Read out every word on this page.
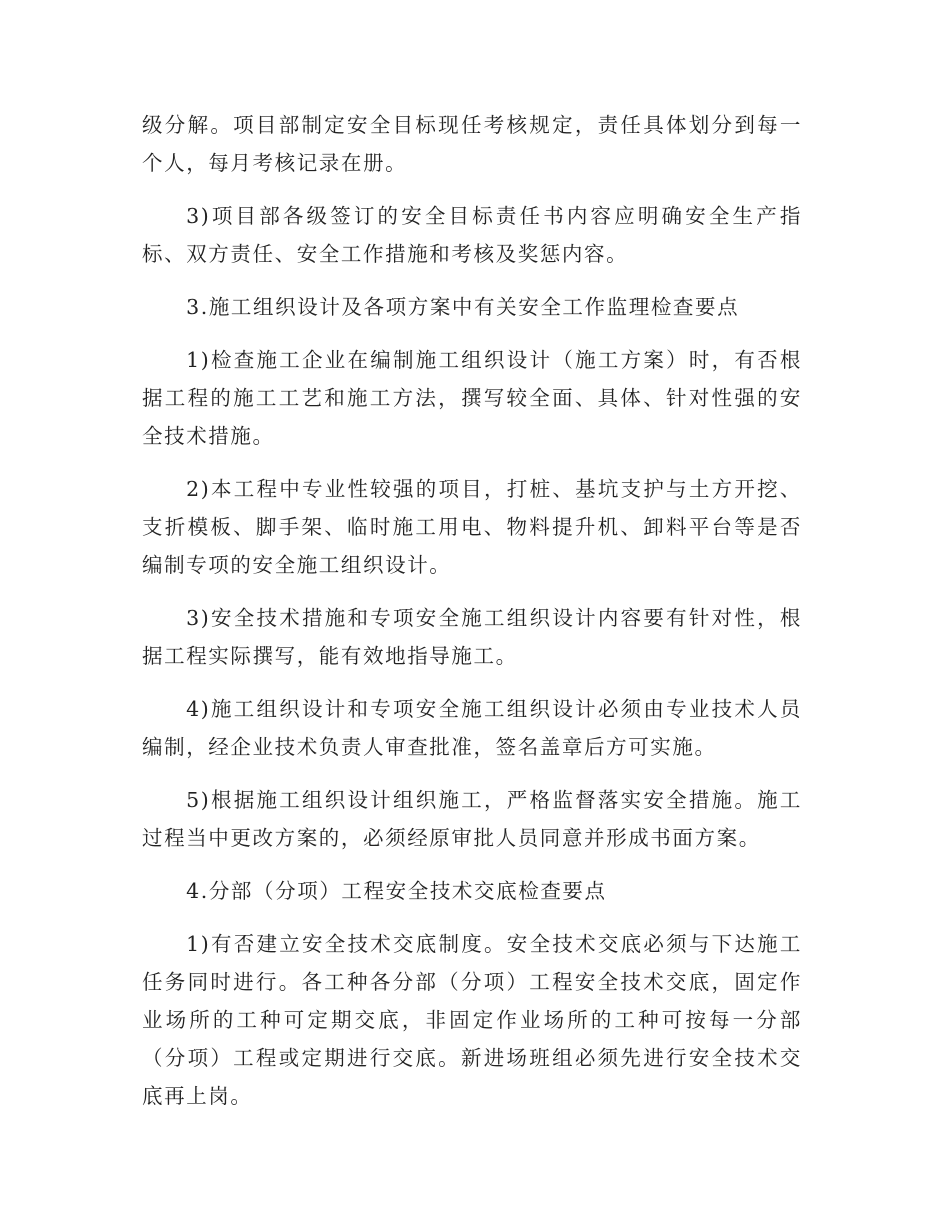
级分解。项目部制定安全目标现任考核规定，责任具体划分到每一个人，每月考核记录在册。

3)项目部各级签订的安全目标责任书内容应明确安全生产指标、双方责任、安全工作措施和考核及奖惩内容。

3.施工组织设计及各项方案中有关安全工作监理检查要点

1)检查施工企业在编制施工组织设计（施工方案）时，有否根据工程的施工工艺和施工方法，撰写较全面、具体、针对性强的安全技术措施。

2)本工程中专业性较强的项目，打桩、基坑支护与土方开挖、支折模板、脚手架、临时施工用电、物料提升机、卸料平台等是否编制专项的安全施工组织设计。

3)安全技术措施和专项安全施工组织设计内容要有针对性，根据工程实际撰写，能有效地指导施工。

4)施工组织设计和专项安全施工组织设计必须由专业技术人员编制，经企业技术负责人审查批准，签名盖章后方可实施。

5)根据施工组织设计组织施工，严格监督落实安全措施。施工过程当中更改方案的，必须经原审批人员同意并形成书面方案。

4.分部（分项）工程安全技术交底检查要点

1)有否建立安全技术交底制度。安全技术交底必须与下达施工任务同时进行。各工种各分部（分项）工程安全技术交底，固定作业场所的工种可定期交底，非固定作业场所的工种可按每一分部（分项）工程或定期进行交底。新进场班组必须先进行安全技术交底再上岗。
